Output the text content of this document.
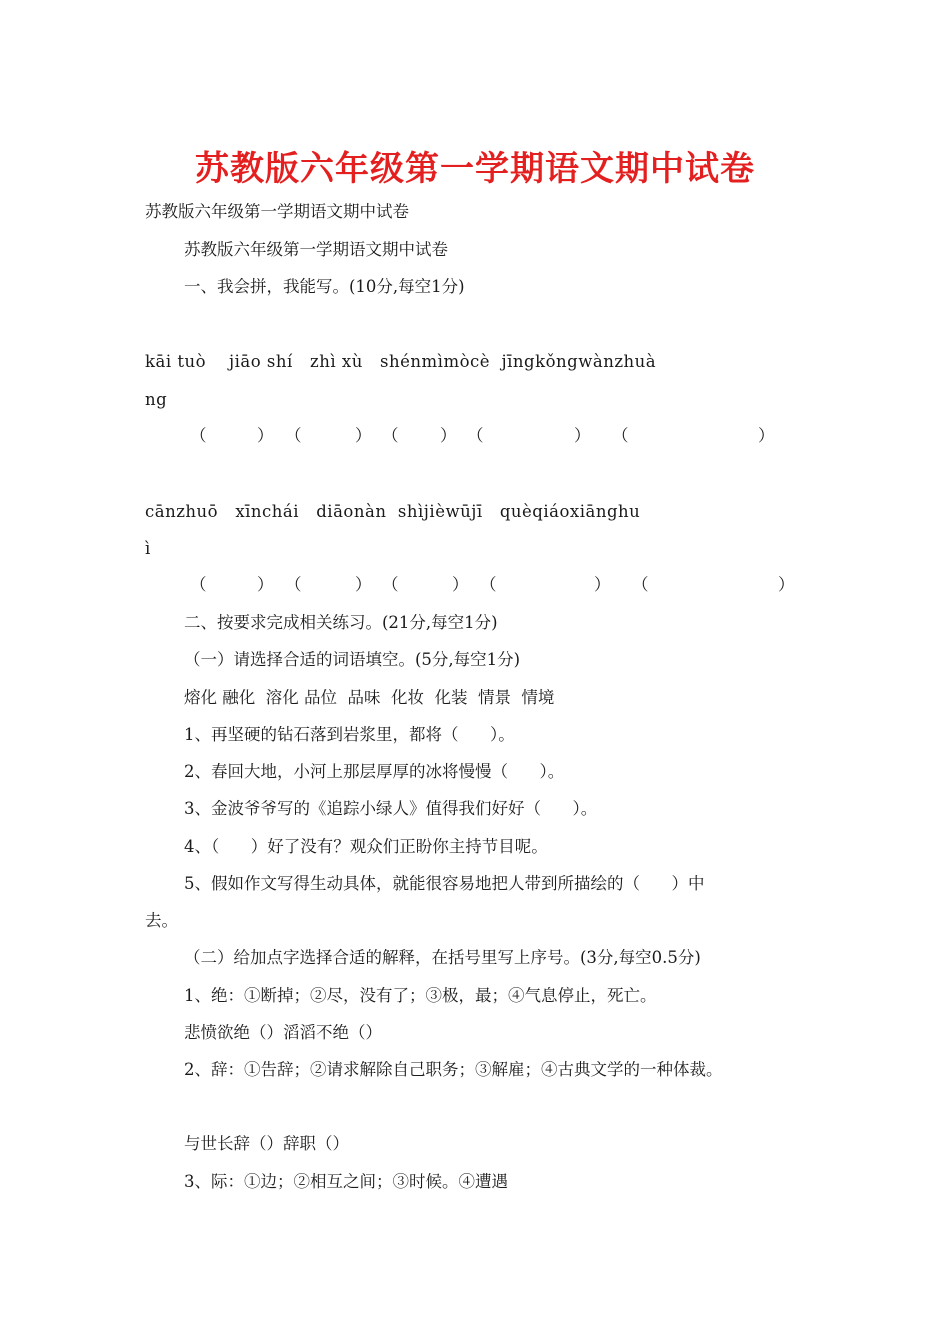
苏教版六年级第一学期语文期中试卷
苏教版六年级第一学期语文期中试卷
苏教版六年级第一学期语文期中试卷
一、我会拼，我能写。(10分,每空1分)
kāi tuò    jiāo shí   zhì xù   shénmìmòcè  jīngkǒngwànzhuà
ng
（	） （	） （	） （	） （	）
cānzhuō   xīnchái   diāonàn  shìjièwūjī   quèqiáoxiānghu
ì
（	） （	） （	） （	） （	）
二、按要求完成相关练习。(21分,每空1分)
（一）请选择合适的词语填空。(5分,每空1分)
熔化 融化  溶化 品位  品味  化妆  化装  情景  情境
1、再坚硬的钻石落到岩浆里，都将（      ）。
2、春回大地，小河上那层厚厚的冰将慢慢（      ）。
3、金波爷爷写的《追踪小绿人》值得我们好好（      ）。
4、（      ）好了没有？观众们正盼你主持节目呢。
5、假如作文写得生动具体，就能很容易地把人带到所描绘的（      ）中
去。
（二）给加点字选择合适的解释，在括号里写上序号。(3分,每空0.5分)
1、绝：①断掉；②尽，没有了；③极，最；④气息停止，死亡。
悲愤欲绝（）滔滔不绝（）
2、辞：①告辞；②请求解除自己职务；③解雇；④古典文学的一种体裁。
与世长辞（）辞职（）
3、际：①边；②相互之间；③时候。④遭遇
